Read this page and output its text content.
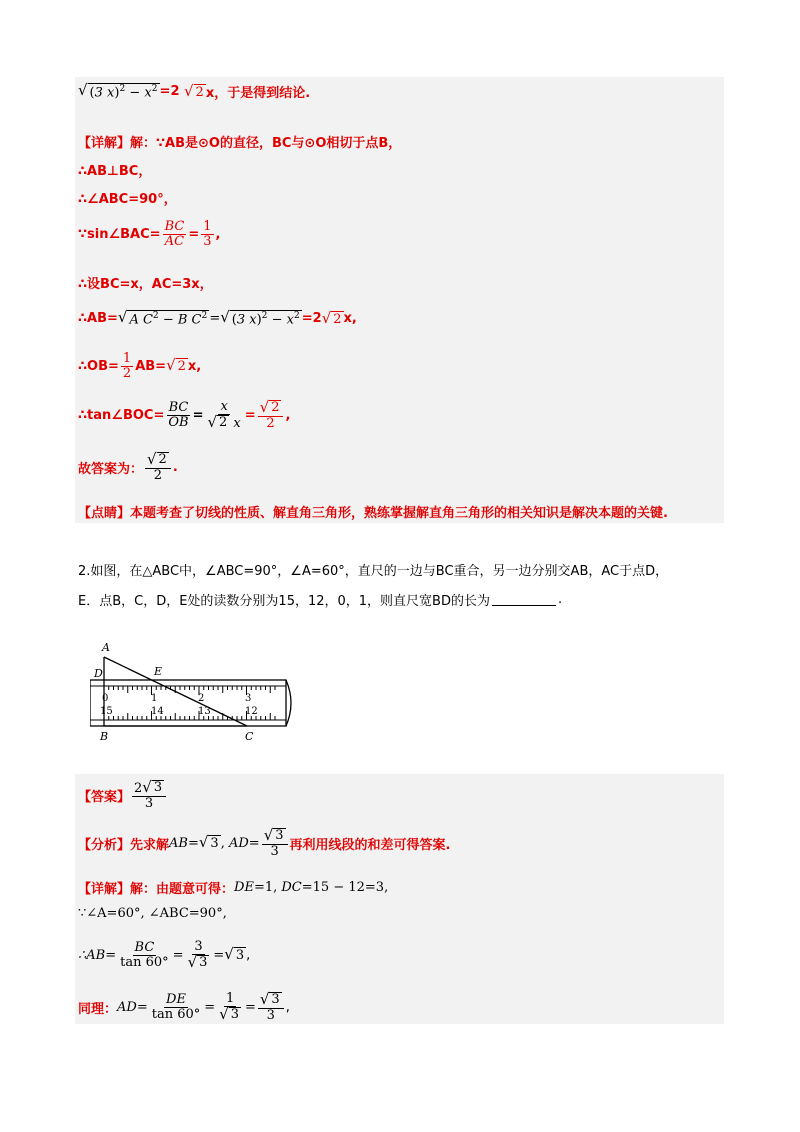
√ (3 $x)^2 - x^2 =2$ √ 2 x，于是得到结论.
【详解】 解：∵AB是⊙O的直径，BC与⊙O相切于点B，
∴AB⊥BC，
∴∠ABC=90°，
∵sin∠BAC= $\frac{BC}{AC} = \frac{1}{3}$ ,
∴设BC=x，AC=3x，
∴AB= √ A $C^2 - B$ $C^2$ = √ (3 $x)^2 - x^2 =2$ √ 2 x,
∴OB= $\frac{1}{2} AB=$ √ 2 x,
∴tan∠BOC= $\frac{BC}{OB} = \frac{x}{√ 2 x} = \frac{√ 2}{2}$ ,
故答案为： $\frac{√ 2}{2}$ .
【点睛】 本题考查了切线的性质、解直角三角形，熟练掌握解直角三角形的相关知识是解决本题的关键.
2.如图，在△ABC中，∠ABC=90°，∠A=60°，直尺的一边与BC重合，另一边分别交AB，AC于点D，
E．点B，C，D，E处的读数分别为15，12，0，1，则直尺宽BD的长为	.
A
D	E
B	C
0	1	2	3
15	14	13	12
【答案】 $\frac{2 √ 3}{3}$
【分析】 先求解 AB= √ 3 , $AD= \frac{√ 3}{3}$ 再利用线段的和差可得答案.
【详解】 解：由题意可得： DE=1, DC=15 − 12=3,
∵∠A=60°, ∠ABC=90°,
∴ $AB= \frac{BC}{\tan 60^\circ} = \frac{3}{√ 3}$ = √ 3 ,
同理： $AD= \frac{DE}{\tan 60^\circ} = \frac{1}{√ 3} = \frac{√ 3}{3}$ ,
